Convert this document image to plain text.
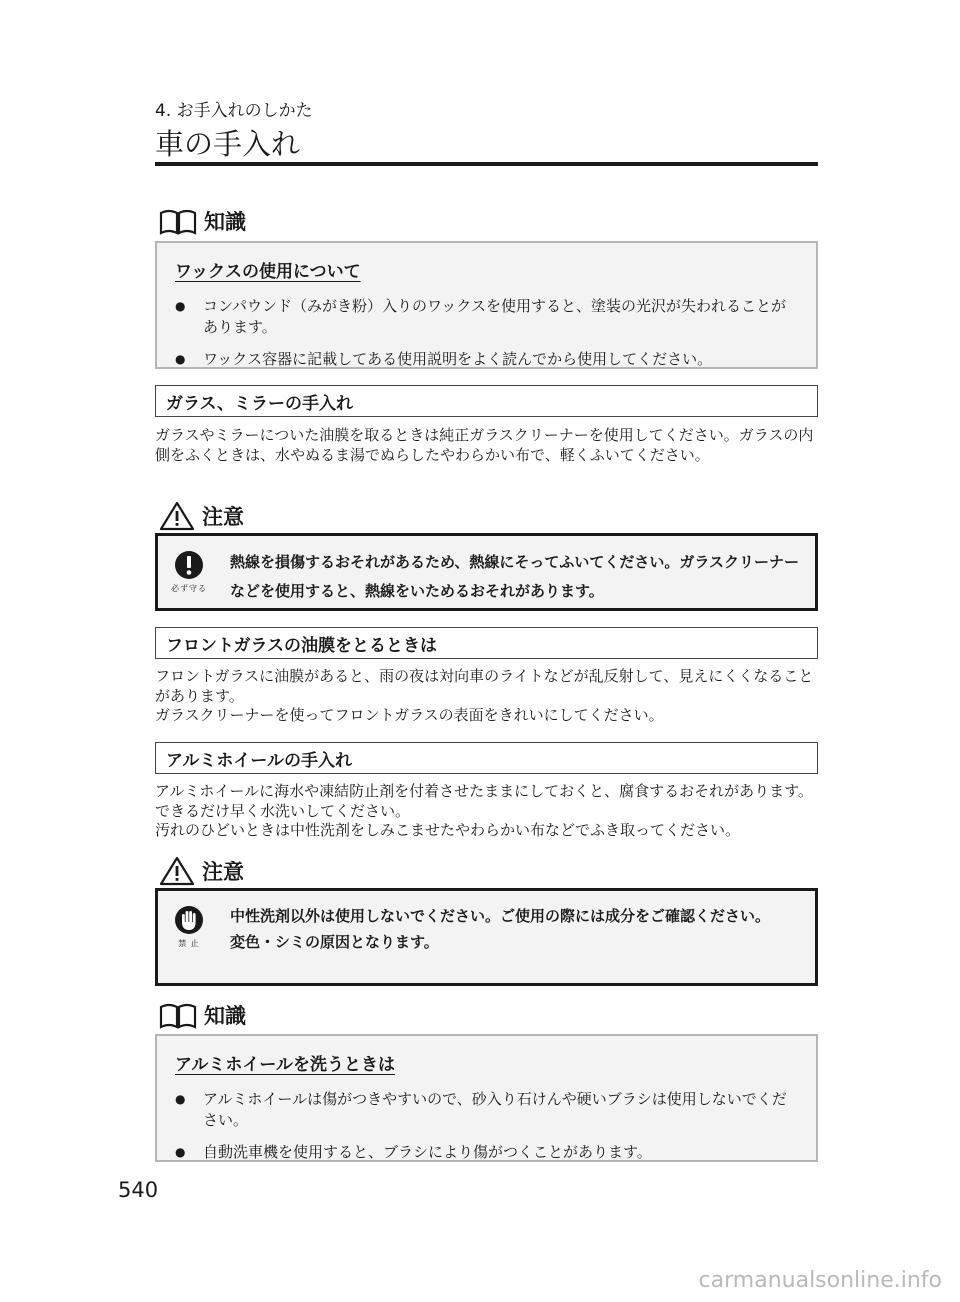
4. お手入れのしかた
車の手入れ
知識
ワックスの使用について
● コンパウンド（みがき粉）入りのワックスを使用すると、塗装の光沢が失われることがあります。
● ワックス容器に記載してある使用説明をよく読んでから使用してください。
ガラス、ミラーの手入れ
ガラスやミラーについた油膜を取るときは純正ガラスクリーナーを使用してください。ガラスの内側をふくときは、水やぬるま湯でぬらしたやわらかい布で、軽くふいてください。
注意
必ず守る
熱線を損傷するおそれがあるため、熱線にそってふいてください。ガラスクリーナーなどを使用すると、熱線をいためるおそれがあります。
フロントガラスの油膜をとるときは
フロントガラスに油膜があると、雨の夜は対向車のライトなどが乱反射して、見えにくくなることがあります。
ガラスクリーナーを使ってフロントガラスの表面をきれいにしてください。
アルミホイールの手入れ
アルミホイールに海水や凍結防止剤を付着させたままにしておくと、腐食するおそれがあります。できるだけ早く水洗いしてください。
汚れのひどいときは中性洗剤をしみこませたやわらかい布などでふき取ってください。
注意
禁 止
中性洗剤以外は使用しないでください。ご使用の際には成分をご確認ください。
変色・シミの原因となります。
知識
アルミホイールを洗うときは
● アルミホイールは傷がつきやすいので、砂入り石けんや硬いブラシは使用しないでください。
● 自動洗車機を使用すると、ブラシにより傷がつくことがあります。
540
carmanualsonline.info
